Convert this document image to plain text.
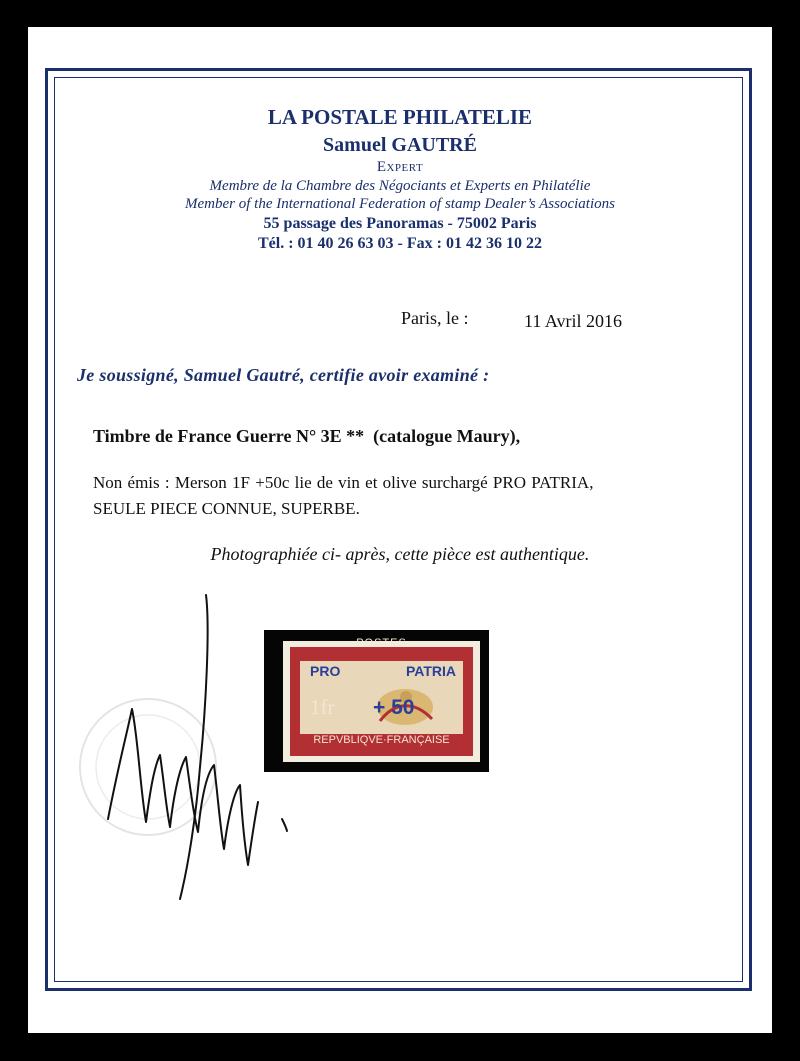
LA POSTALE PHILATELIE
Samuel GAUTRÉ
Expert
Membre de la Chambre des Négociants et Experts en Philatélie
Member of the International Federation of stamp Dealer’s Associations
55 passage des Panoramas - 75002 Paris
Tél. : 01 40 26 63 03 - Fax : 01 42 36 10 22
Paris, le :	11 Avril 2016
Je soussigné, Samuel Gautré, certifie avoir examiné :
Timbre de France Guerre N° 3E **  (catalogue Maury),
Non émis : Merson 1F +50c lie de vin et olive surchargé PRO PATRIA,
SEULE PIECE CONNUE, SUPERBE.
Photographiée ci- après, cette pièce est authentique.
POSTES
1fr
PRO	PATRIA
+ 50
REPVBLIQVE·FRANÇAISE
